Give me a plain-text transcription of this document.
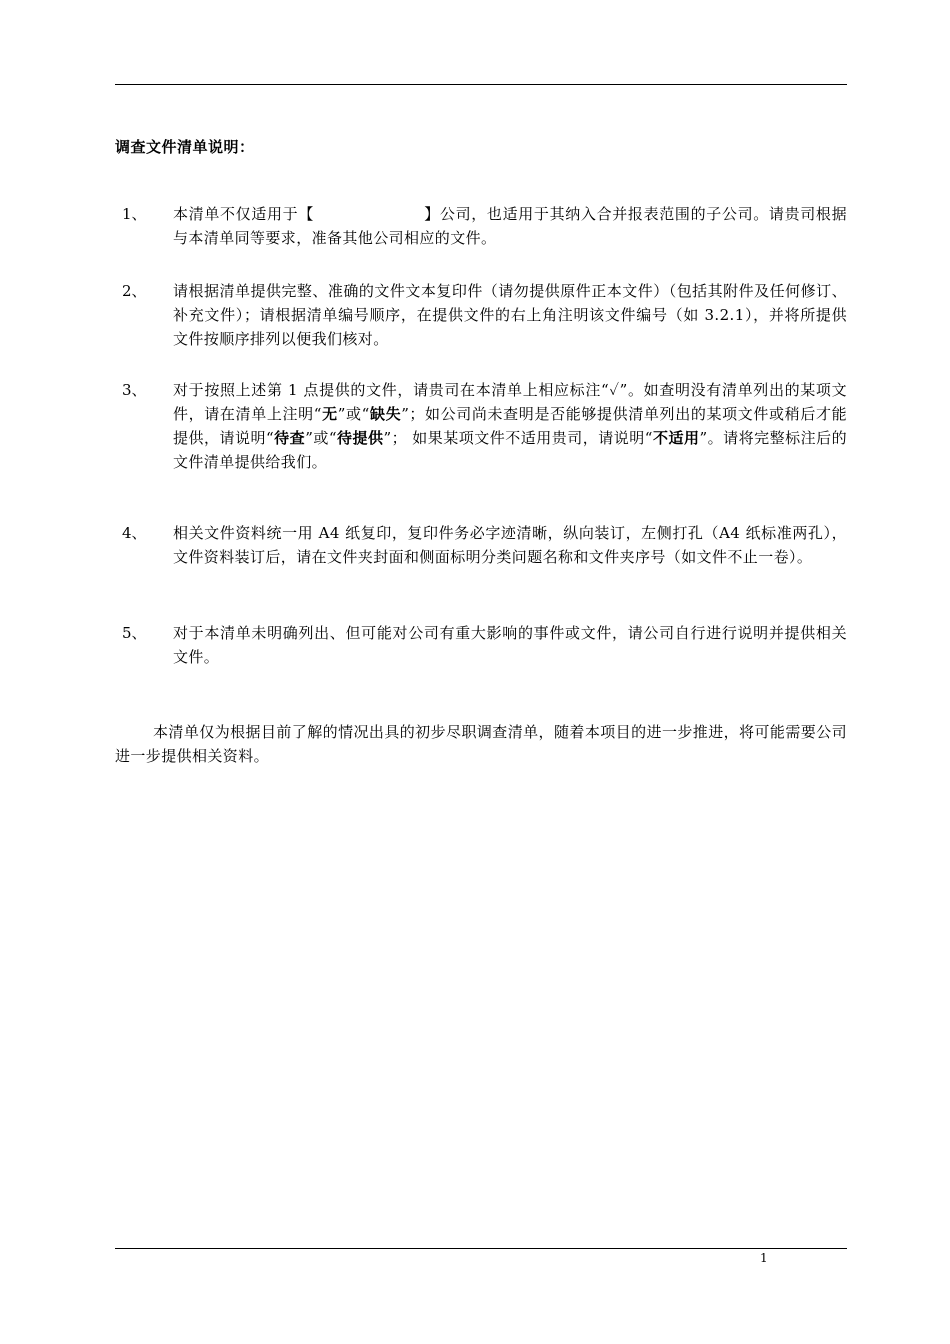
调查文件清单说明：
1、 本清单不仅适用于【	】公司，也适用于其纳入合并报表范围的子公司。请贵司根据与本清单同等要求，准备其他公司相应的文件。
2、 请根据清单提供完整、准确的文件文本复印件（请勿提供原件正本文件）（包括其附件及任何修订、补充文件）；请根据清单编号顺序，在提供文件的右上角注明该文件编号（如 3.2.1），并将所提供文件按顺序排列以便我们核对。
3、 对于按照上述第 1 点提供的文件，请贵司在本清单上相应标注“✓”。如查明没有清单列出的某项文件，请在清单上注明“无”或“缺失”；如公司尚未查明是否能够提供清单列出的某项文件或稍后才能提供，请说明“待查”或“待提供”； 如果某项文件不适用贵司，请说明“不适用”。请将完整标注后的文件清单提供给我们。
4、 相关文件资料统一用 A4 纸复印，复印件务必字迹清晰，纵向装订，左侧打孔（A4 纸标准两孔），文件资料装订后，请在文件夹封面和侧面标明分类问题名称和文件夹序号（如文件不止一卷）。
5、 对于本清单未明确列出、但可能对公司有重大影响的事件或文件，请公司自行进行说明并提供相关文件。
本清单仅为根据目前了解的情况出具的初步尽职调查清单，随着本项目的进一步推进，将可能需要公司进一步提供相关资料。
1
